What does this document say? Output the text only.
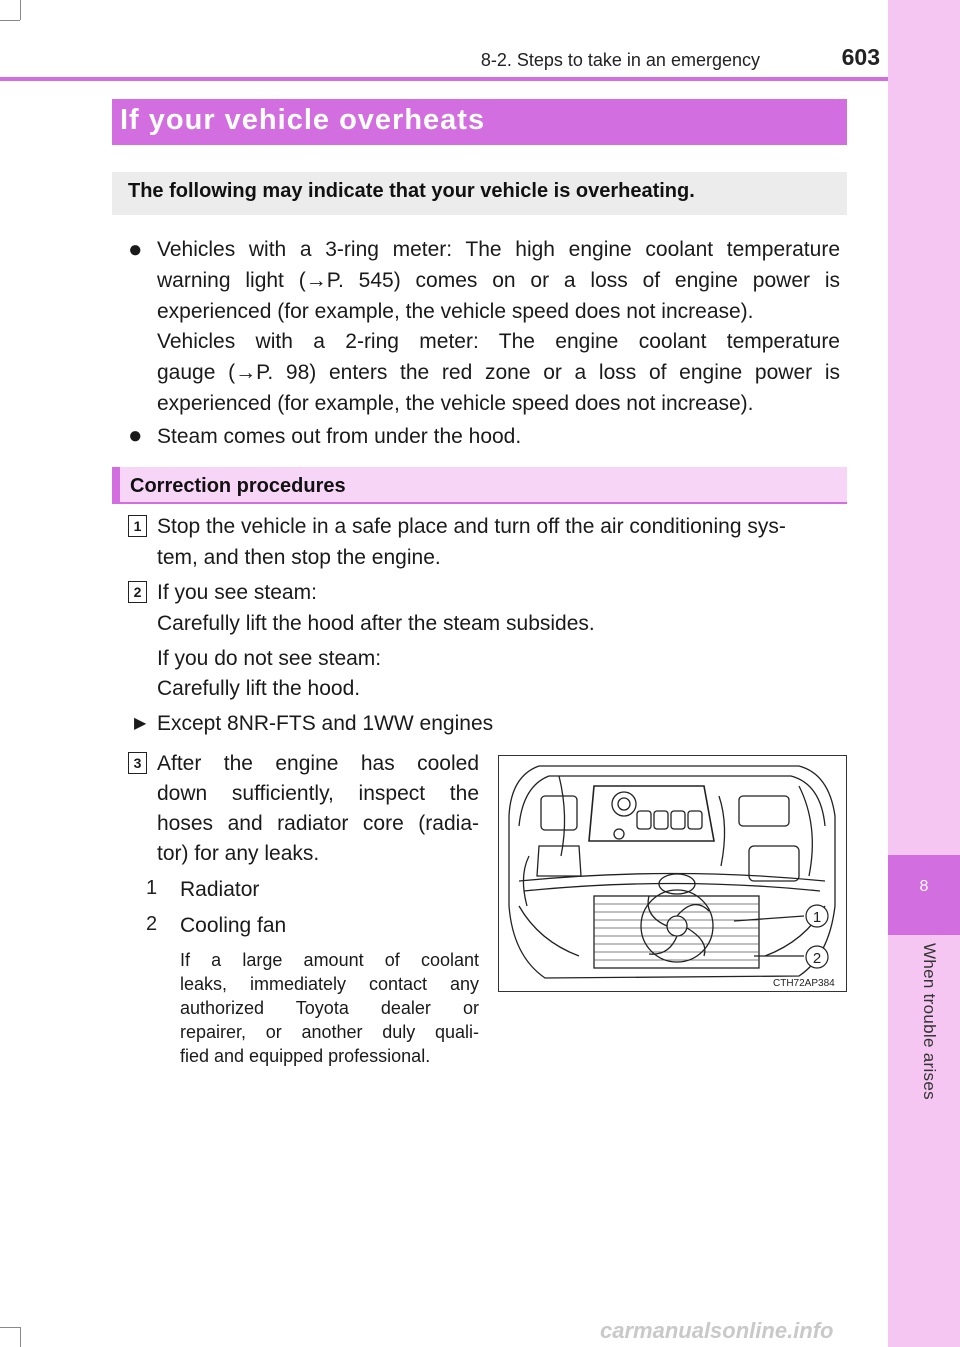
8
When trouble arises
8-2. Steps to take in an emergency	603
If your vehicle overheats
The following may indicate that your vehicle is overheating.
● Vehicles with a 3-ring meter: The high engine coolant temperature
warning light (→P. 545) comes on or a loss of engine power is
experienced (for example, the vehicle speed does not increase).
Vehicles with a 2-ring meter: The engine coolant temperature
gauge (→P. 98) enters the red zone or a loss of engine power is
experienced (for example, the vehicle speed does not increase).
● Steam comes out from under the hood.
Correction procedures
1 Stop the vehicle in a safe place and turn off the air conditioning sys-
tem, and then stop the engine.
2 If you see steam:
Carefully lift the hood after the steam subsides.
If you do not see steam:
Carefully lift the hood.
▶ Except 8NR-FTS and 1WW engines
3 After the engine has cooled
down sufficiently, inspect the
hoses and radiator core (radia-
tor) for any leaks.
1 Radiator
2 Cooling fan
If a large amount of coolant
leaks, immediately contact any
authorized Toyota dealer or
repairer, or another duly quali-
fied and equipped professional.
1
2
CTH72AP384
carmanualsonline.info
